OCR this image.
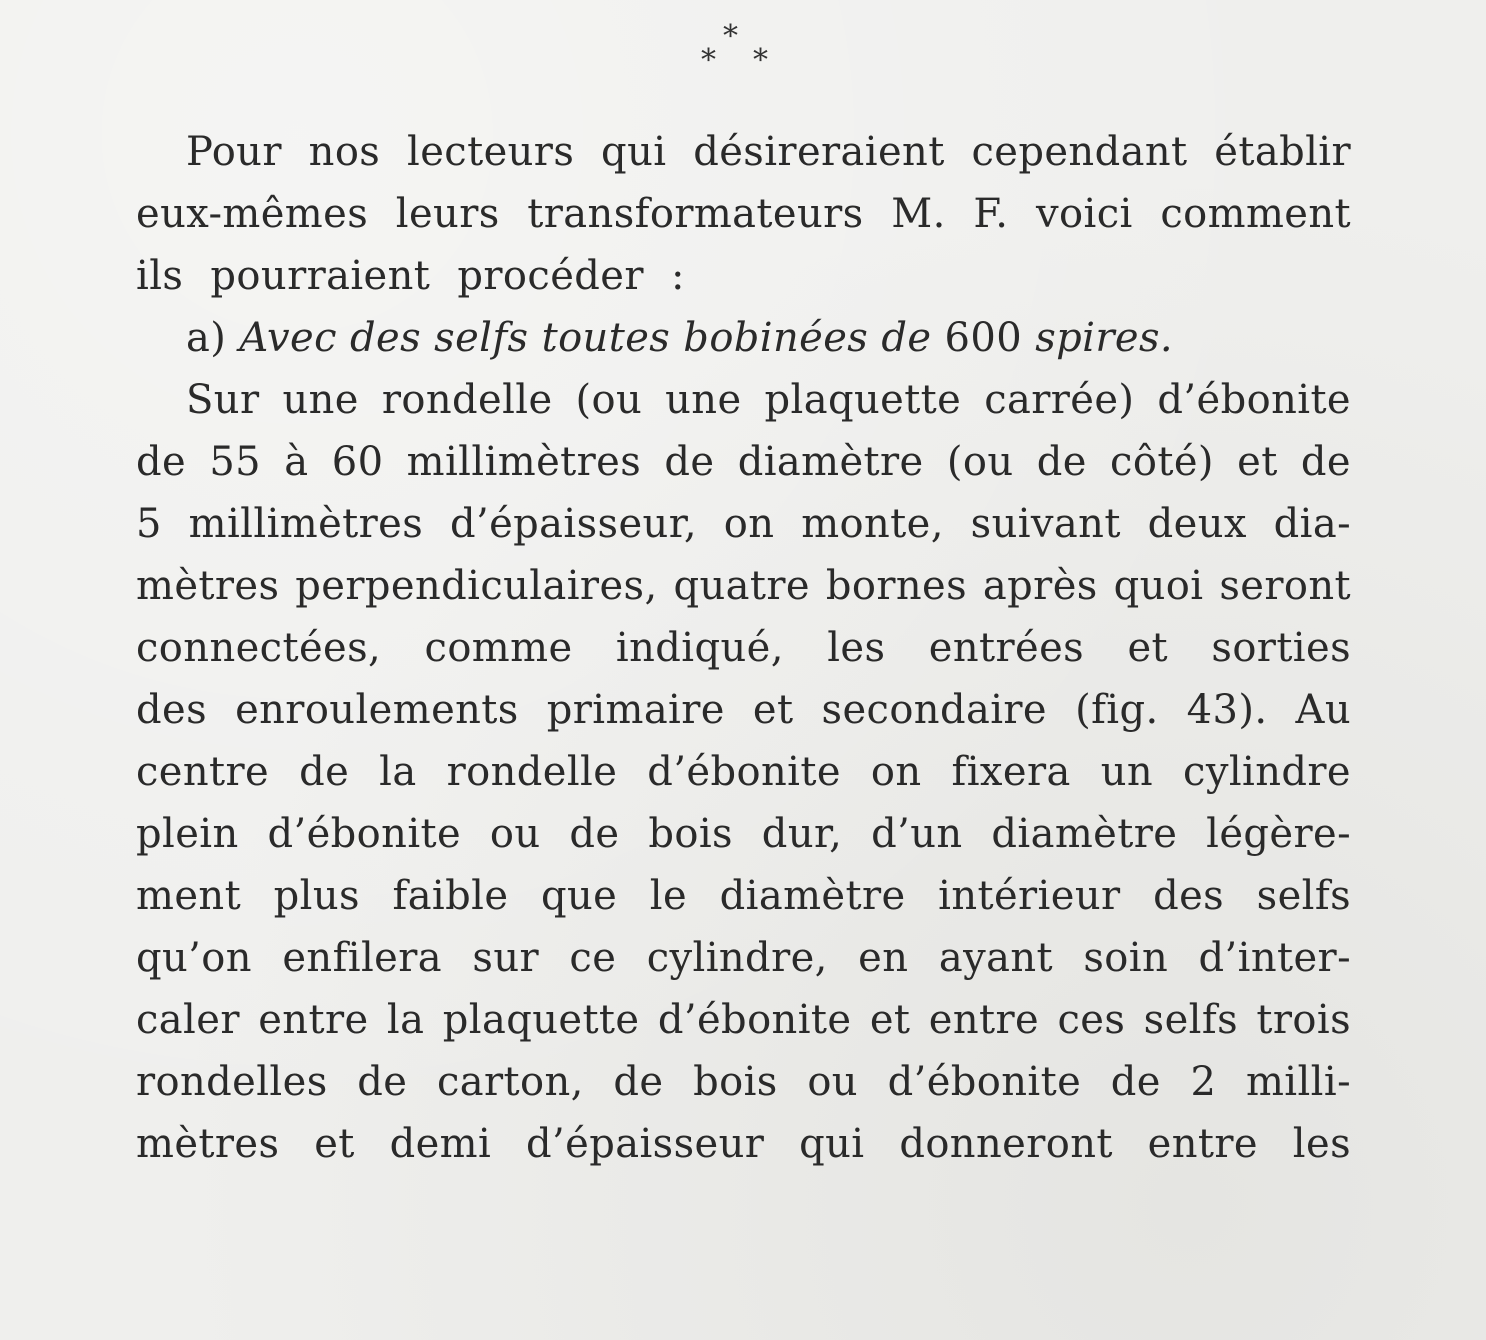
*
* *
Pour nos lecteurs qui désireraient cependant établir
eux-mêmes leurs transformateurs M. F. voici comment
ils pourraient procéder :
a) Avec des selfs toutes bobinées de 600 spires.
Sur une rondelle (ou une plaquette carrée) d’ébonite
de 55 à 60 millimètres de diamètre (ou de côté) et de
5 millimètres d’épaisseur, on monte, suivant deux dia-
mètres perpendiculaires, quatre bornes après quoi seront
connectées, comme indiqué, les entrées et sorties
des enroulements primaire et secondaire (fig. 43). Au
centre de la rondelle d’ébonite on fixera un cylindre
plein d’ébonite ou de bois dur, d’un diamètre légère-
ment plus faible que le diamètre intérieur des selfs
qu’on enfilera sur ce cylindre, en ayant soin d’inter-
caler entre la plaquette d’ébonite et entre ces selfs trois
rondelles de carton, de bois ou d’ébonite de 2 milli-
mètres et demi d’épaisseur qui donneront entre les
